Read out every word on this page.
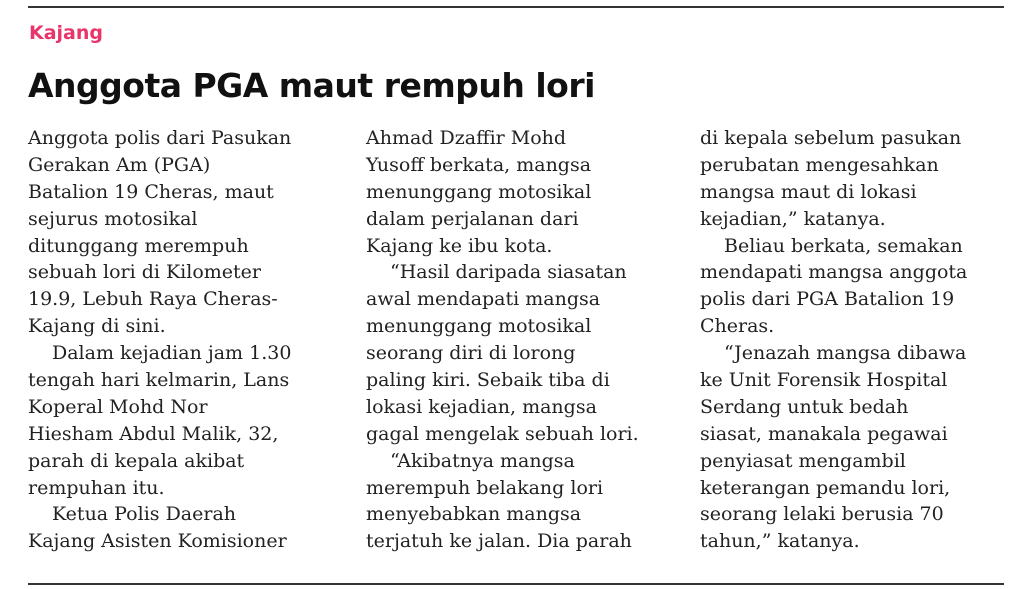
Kajang
Anggota PGA maut rempuh lori
Anggota polis dari Pasukan
Gerakan Am (PGA)
Batalion 19 Cheras, maut
sejurus motosikal
ditunggang merempuh
sebuah lori di Kilometer
19.9, Lebuh Raya Cheras-
Kajang di sini.
Dalam kejadian jam 1.30
tengah hari kelmarin, Lans
Koperal Mohd Nor
Hiesham Abdul Malik, 32,
parah di kepala akibat
rempuhan itu.
Ketua Polis Daerah
Kajang Asisten Komisioner
Ahmad Dzaffir Mohd
Yusoff berkata, mangsa
menunggang motosikal
dalam perjalanan dari
Kajang ke ibu kota.
“Hasil daripada siasatan
awal mendapati mangsa
menunggang motosikal
seorang diri di lorong
paling kiri. Sebaik tiba di
lokasi kejadian, mangsa
gagal mengelak sebuah lori.
“Akibatnya mangsa
merempuh belakang lori
menyebabkan mangsa
terjatuh ke jalan. Dia parah
di kepala sebelum pasukan
perubatan mengesahkan
mangsa maut di lokasi
kejadian,” katanya.
Beliau berkata, semakan
mendapati mangsa anggota
polis dari PGA Batalion 19
Cheras.
“Jenazah mangsa dibawa
ke Unit Forensik Hospital
Serdang untuk bedah
siasat, manakala pegawai
penyiasat mengambil
keterangan pemandu lori,
seorang lelaki berusia 70
tahun,” katanya.
